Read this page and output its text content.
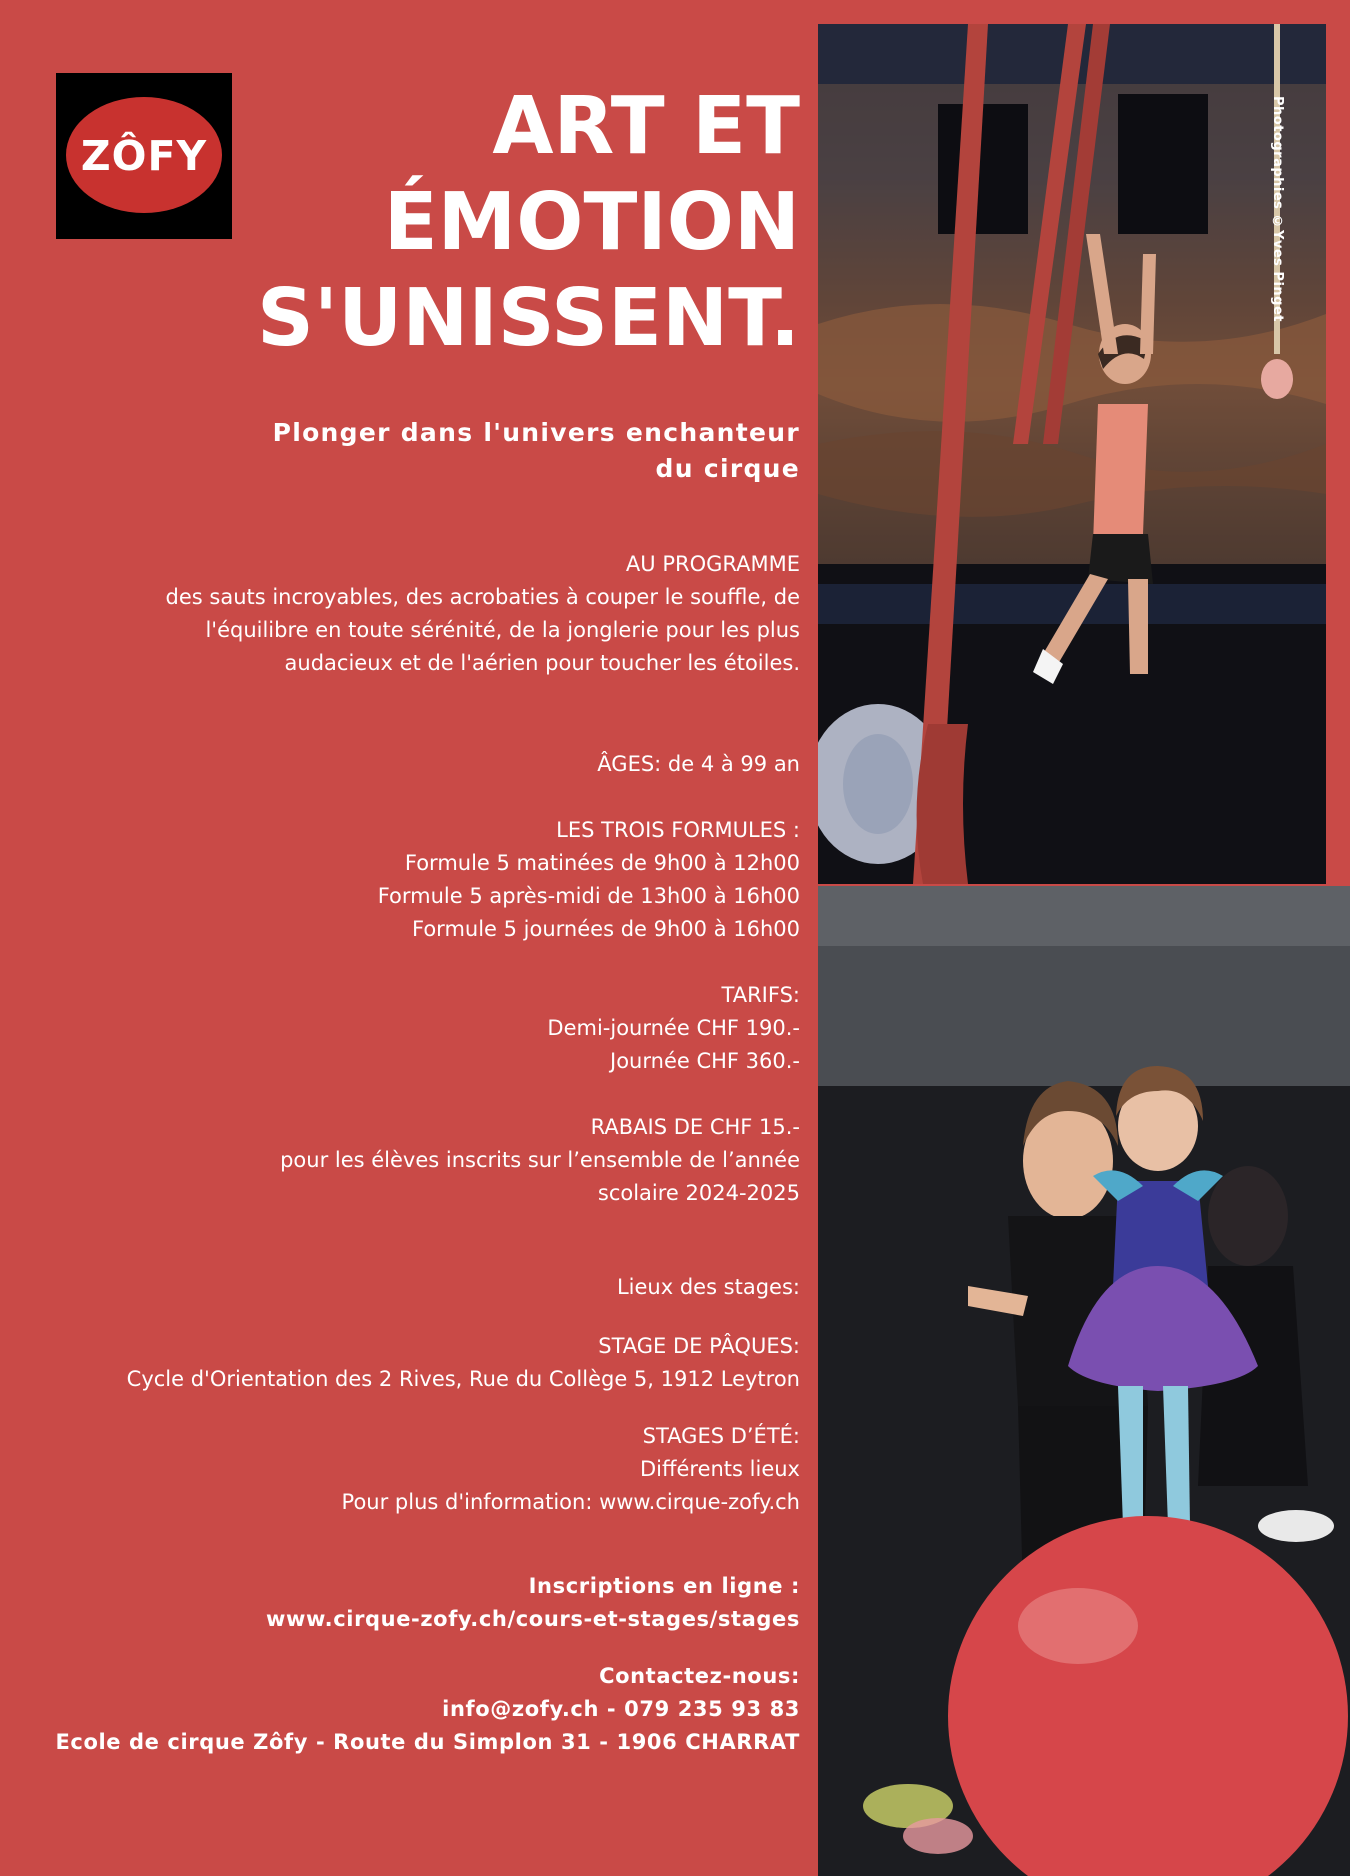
ZÔFY	ART ET
ÉMOTION
S'UNISSENT.
Plonger dans l'univers enchanteur
du cirque
AU PROGRAMME
des sauts incroyables, des acrobaties à couper le souffle, de l'équilibre en toute sérénité, de la jonglerie pour les plus audacieux et de l'aérien pour toucher les étoiles.
ÂGES: de 4 à 99 an
LES TROIS FORMULES :
Formule 5 matinées de 9h00 à 12h00
Formule 5 après-midi de 13h00 à 16h00
Formule 5 journées de 9h00 à 16h00
TARIFS:
Demi-journée CHF 190.-
Journée CHF 360.-
RABAIS DE CHF 15.-
pour les élèves inscrits sur l’ensemble de l’année
scolaire 2024-2025
Lieux des stages:
STAGE DE PÂQUES:
Cycle d'Orientation des 2 Rives, Rue du Collège 5, 1912 Leytron
STAGES D’ÉTÉ:
Différents lieux
Pour plus d'information: www.cirque-zofy.ch
Inscriptions en ligne :
www.cirque-zofy.ch/cours-et-stages/stages
Contactez-nous:
info@zofy.ch - 079 235 93 83
Ecole de cirque Zôfy - Route du Simplon 31 - 1906 CHARRAT
Photographies ©Yves Pinget
